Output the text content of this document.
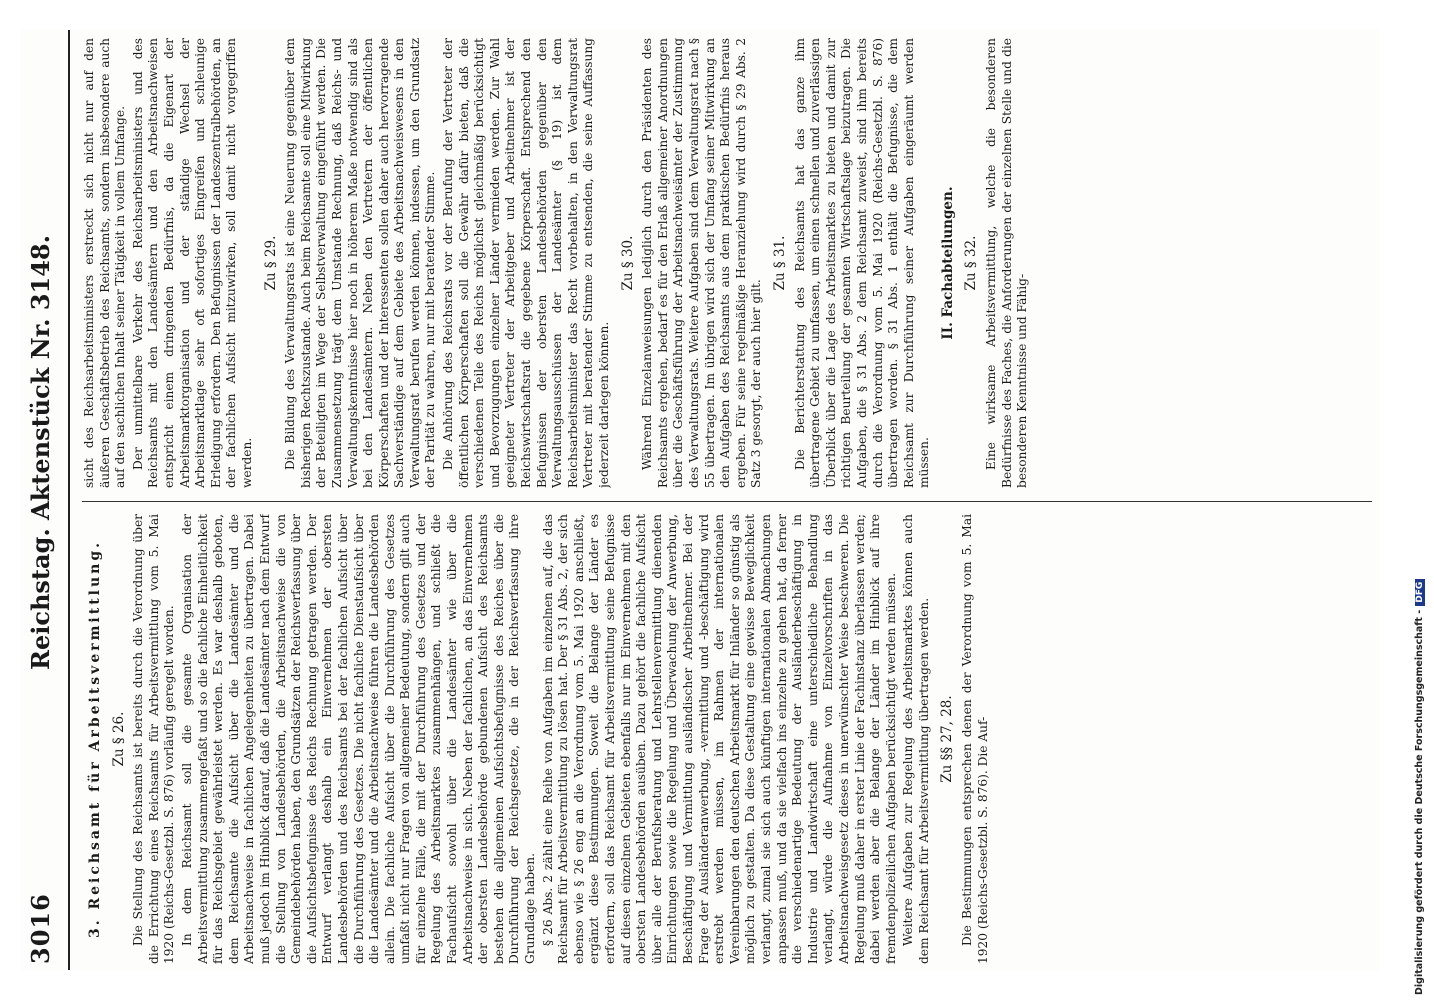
3016
Reichstag. Aktenstück Nr. 3148.
3. Reichsamt für Arbeitsvermittlung. Zu § 26. Die Stellung des Reichsamts ist bereits durch die Verordnung über die Errichtung eines Reichsamts für Arbeitsvermittlung vom 5. Mai 1920 (Reichs-Gesetzbl. S. 876) vorläufig geregelt worden. In dem Reichsamt soll die gesamte Organisation der Arbeitsvermittlung zusammengefaßt und so die fachliche Einheitlichkeit für das Reichsgebiet gewährleistet werden. Es war deshalb geboten, dem Reichsamte die Aufsicht über die Landesämter und die Arbeitsnachweise in fachlichen Angelegenheiten zu übertragen. Dabei muß jedoch im Hinblick darauf, daß die Landesämter nach dem Entwurf die Stellung von Landesbehörden, die Arbeitsnachweise die von Gemeindebehörden haben, den Grundsätzen der Reichsverfassung über die Aufsichtsbefugnisse des Reichs Rechnung getragen werden. Der Entwurf verlangt deshalb ein Einvernehmen der obersten Landesbehörden und des Reichsamts bei der fachlichen Aufsicht über die Durchführung des Gesetzes. Die nicht fachliche Dienstaufsicht über die Landesämter und die Arbeitsnachweise führen die Landesbehörden allein. Die fachliche Aufsicht über die Durchführung des Gesetzes umfaßt nicht nur Fragen von allgemeiner Bedeutung, sondern gilt auch für einzelne Fälle, die mit der Durchführung des Gesetzes und der Regelung des Arbeitsmarktes zusammenhängen, und schließt die Fachaufsicht sowohl über die Landesämter wie über die Arbeitsnachweise in sich. Neben der fachlichen, an das Einvernehmen der obersten Landesbehörde gebundenen Aufsicht des Reichsamts bestehen die allgemeinen Aufsichtsbefugnisse des Reiches über die Durchführung der Reichsgesetze, die in der Reichsverfassung ihre Grundlage haben. § 26 Abs. 2 zählt eine Reihe von Aufgaben im einzelnen auf, die das Reichsamt für Arbeitsvermittlung zu lösen hat. Der § 31 Abs. 2, der sich ebenso wie § 26 eng an die Verordnung vom 5. Mai 1920 anschließt, ergänzt diese Bestimmungen. Soweit die Belange der Länder es erfordern, soll das Reichsamt für Arbeitsvermittlung seine Befugnisse auf diesen einzelnen Gebieten ebenfalls nur im Einvernehmen mit den obersten Landesbehörden ausüben. Dazu gehört die fachliche Aufsicht über alle der Berufsberatung und Lehrstellenvermittlung dienenden Einrichtungen sowie die Regelung und Überwachung der Anwerbung, Beschäftigung und Vermittlung ausländischer Arbeitnehmer. Bei der Frage der Ausländeranwerbung, -vermittlung und -beschäftigung wird erstrebt werden müssen, im Rahmen der internationalen Vereinbarungen den deutschen Arbeitsmarkt für Inländer so günstig als möglich zu gestalten. Da diese Gestaltung eine gewisse Beweglichkeit verlangt, zumal sie sich auch künftigen internationalen Abmachungen anpassen muß, und da sie vielfach ins einzelne zu gehen hat, da ferner die verschiedenartige Bedeutung der Ausländerbeschäftigung in Industrie und Landwirtschaft eine unterschiedliche Behandlung verlangt, würde die Aufnahme von Einzelvorschriften in das Arbeitsnachweisgesetz dieses in unerwünschter Weise beschweren. Die Regelung muß daher in erster Linie der Fachinstanz überlassen werden; dabei werden aber die Belange der Länder im Hinblick auf ihre fremdenpolizeilichen Aufgaben berücksichtigt werden müssen. Weitere Aufgaben zur Regelung des Arbeitsmarktes können auch dem Reichsamt für Arbeitsvermittlung übertragen werden. Zu §§ 27, 28. Die Bestimmungen entsprechen denen der Verordnung vom 5. Mai 1920 (Reichs-Gesetzbl. S. 876). Die Auf-

sicht des Reichsarbeitsministers erstreckt sich nicht nur auf den äußeren Geschäftsbetrieb des Reichsamts, sondern insbesondere auch auf den sachlichen Inhalt seiner Tätigkeit in vollem Umfange. Der unmittelbare Verkehr des Reichsarbeitsministers und des Reichsamts mit den Landesämtern und den Arbeitsnachweisen entspricht einem dringenden Bedürfnis, da die Eigenart der Arbeitsmarktorganisation und der ständige Wechsel der Arbeitsmarktlage sehr oft sofortiges Eingreifen und schleunige Erledigung erfordern. Den Befugnissen der Landeszentralbehörden, an der fachlichen Aufsicht mitzuwirken, soll damit nicht vorgegriffen werden.

Zu § 29. Die Bildung des Verwaltungsrats ist eine Neuerung gegenüber dem bisherigen Rechtszustande. Auch beim Reichsamte soll eine Mitwirkung der Beteiligten im Wege der Selbstverwaltung eingeführt werden. Die Zusammensetzung trägt dem Umstande Rechnung, daß Reichs- und Verwaltungskenntnisse hier noch in höherem Maße notwendig sind als bei den Landesämtern. Neben den Vertretern der öffentlichen Körperschaften und der Interessenten sollen daher auch hervorragende Sachverständige auf dem Gebiete des Arbeitsnachweiswesens in den Verwaltungsrat berufen werden können, indessen, um den Grundsatz der Parität zu wahren, nur mit beratender Stimme. Die Anhörung des Reichsrats vor der Berufung der Vertreter der öffentlichen Körperschaften soll die Gewähr dafür bieten, daß die verschiedenen Teile des Reichs möglichst gleichmäßig berücksichtigt und Bevorzugungen einzelner Länder vermieden werden. Zur Wahl geeigneter Vertreter der Arbeitgeber und Arbeitnehmer ist der Reichswirtschaftsrat die gegebene Körperschaft. Entsprechend den Befugnissen der obersten Landesbehörden gegenüber den Verwaltungsausschüssen der Landesämter (§ 19) ist dem Reichsarbeitsminister das Recht vorbehalten, in den Verwaltungsrat Vertreter mit beratender Stimme zu entsenden, die seine Auffassung jederzeit darlegen können.

Zu § 30. Während Einzelanweisungen lediglich durch den Präsidenten des Reichsamts ergehen, bedarf es für den Erlaß allgemeiner Anordnungen über die Geschäftsführung der Arbeitsnachweisämter der Zustimmung des Verwaltungsrats. Weitere Aufgaben sind dem Verwaltungsrat nach § 55 übertragen. Im übrigen wird sich der Umfang seiner Mitwirkung an den Aufgaben des Reichsamts aus dem praktischen Bedürfnis heraus ergeben. Für seine regelmäßige Heranziehung wird durch § 29 Abs. 2 Satz 3 gesorgt, der auch hier gilt.

Zu § 31. Die Berichterstattung des Reichsamts hat das ganze ihm übertragene Gebiet zu umfassen, um einen schnellen und zuverlässigen Überblick über die Lage des Arbeitsmarktes zu bieten und damit zur richtigen Beurteilung der gesamten Wirtschaftslage beizutragen. Die Aufgaben, die § 31 Abs. 2 dem Reichsamt zuweist, sind ihm bereits durch die Verordnung vom 5. Mai 1920 (Reichs-Gesetzbl. S. 876) übertragen worden. § 31 Abs. 1 enthält die Befugnisse, die dem Reichsamt zur Durchführung seiner Aufgaben eingeräumt werden müssen.

II. Fachabteilungen. Zu § 32. Eine wirksame Arbeitsvermittlung, welche die besonderen Bedürfnisse des Faches, die Anforderungen der einzelnen Stelle und die besonderen Kenntnisse und Fähig-

Digitalisierung gefördert durch die Deutsche Forschungsgemeinschaft -DFG
